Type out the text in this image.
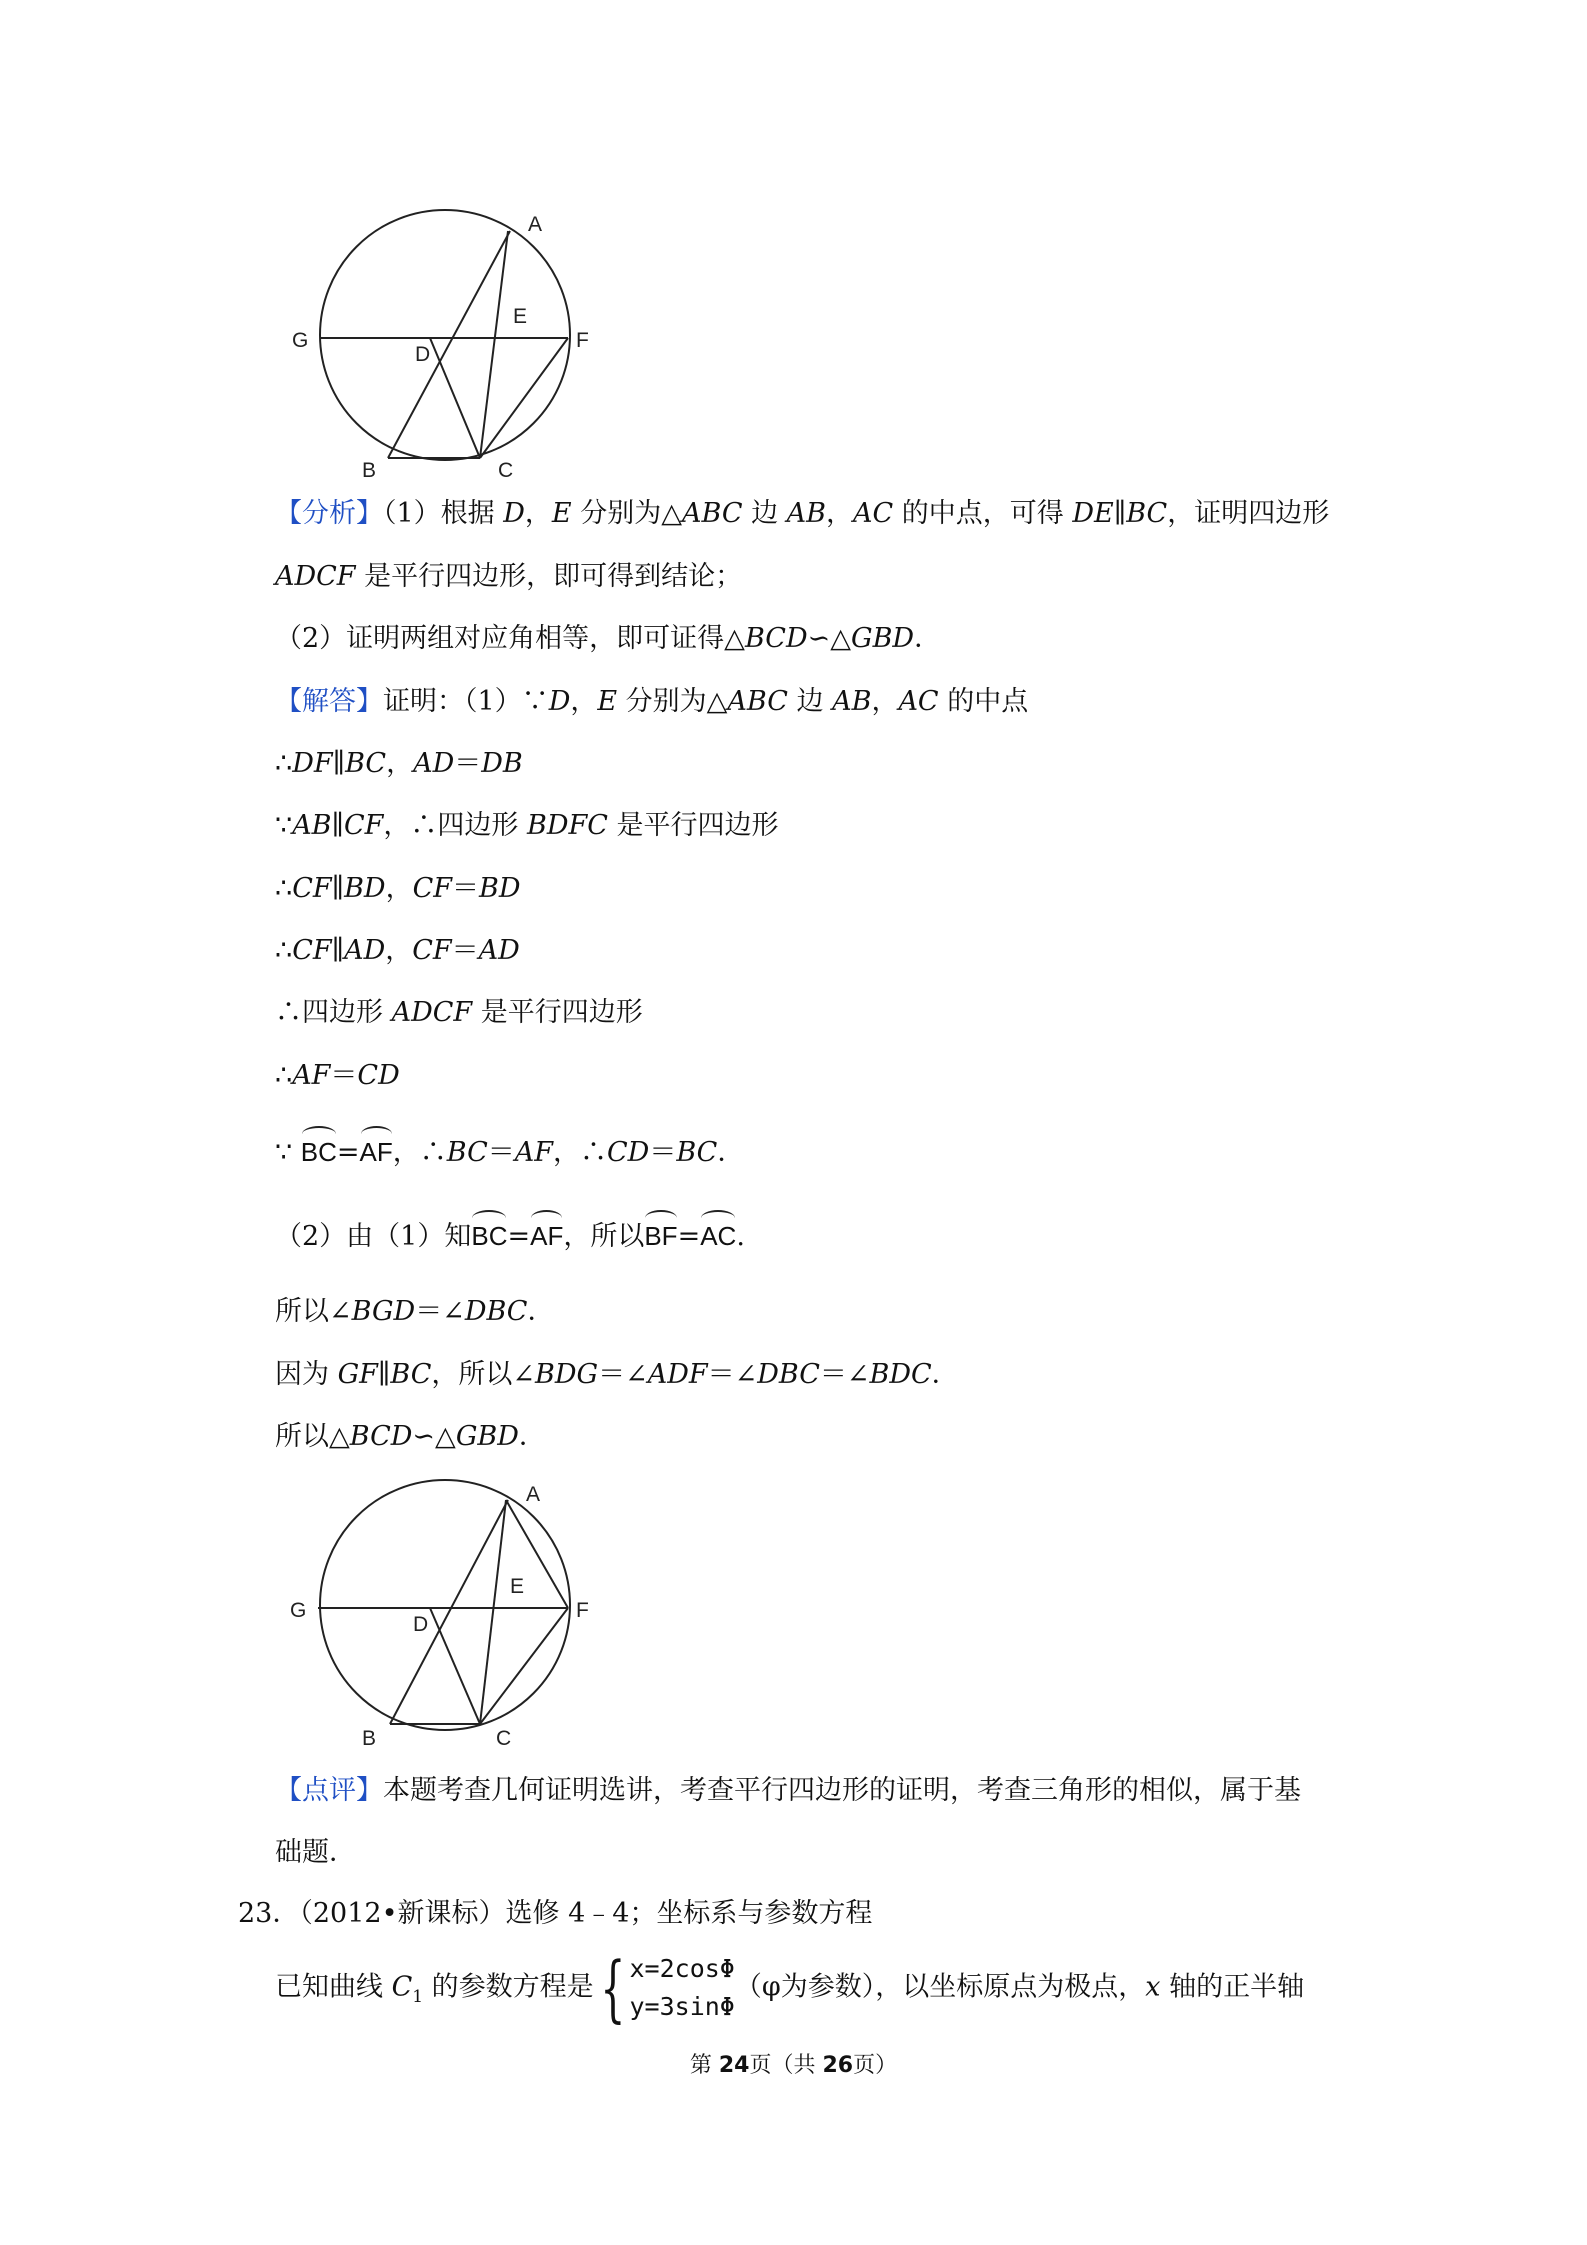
A
E
G
D
F
B	C
【分析】（1）根据 D，E 分别为△ABC 边 AB，AC 的中点，可得 DE∥BC，证明四边形
ADCF 是平行四边形，即可得到结论；
（2）证明两组对应角相等，即可证得△BCD∽△GBD．
【解答】证明：（1）∵D，E 分别为△ABC 边 AB，AC 的中点
∴DF∥BC，AD＝DB
∵AB∥CF，∴四边形 BDFC 是平行四边形
∴CF∥BD，CF＝BD
∴CF∥AD，CF＝AD
∴四边形 ADCF 是平行四边形
∴AF＝CD
∵ BC=AF，∴BC＝AF，∴CD＝BC．
（2）由（1）知BC=AF，所以BF=AC.
所以∠BGD＝∠DBC．
因为 GF∥BC，所以∠BDG＝∠ADF＝∠DBC＝∠BDC．
所以△BCD∽△GBD．
A
E
G
D
F
B	C
【点评】本题考查几何证明选讲，考查平行四边形的证明，考查三角形的相似，属于基
础题．
23．（2012•新课标）选修 4﹣4；坐标系与参数方程
已知曲线 $C_1$ 的参数方程是{ x=2cosΦ
y=3sinΦ（φ为参数），以坐标原点为极点，x 轴的正半轴
第 24页（共 26页）
